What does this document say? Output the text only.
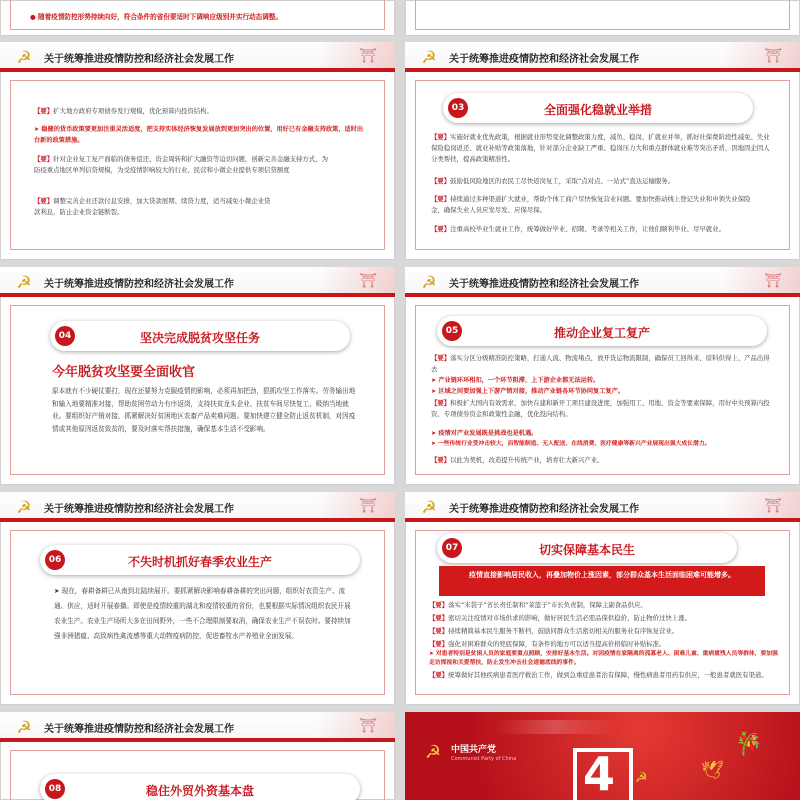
● 随着疫情防控形势持续向好，符合条件的省份要适时下调响应级别并实行动态调整。
☭ 关于统筹推进疫情防控和经济社会发展工作	⛩
【要】扩大地方政府专项债券发行规模，优化预算内投资结构。
➤ 稳健的货币政策要更加注重灵活适度，把支持实体经济恢复发展放到更加突出的位置，用好已有金融支持政策，适时出台新的政策措施。
【要】针对企业复工复产面临的债务偿还、资金周转和扩大融资等迫切问题，创新完善金融支持方式，为防疫重点地区单列信贷规模，为受疫情影响较大的行业、民营和小微企业提供专项信贷额度
【要】调整完善企业还款付息安排，加大贷款展期、续贷力度，适当减免小微企业贷款利息，防止企业资金链断裂。
☭ 关于统筹推进疫情防控和经济社会发展工作	⛩
03	全面强化稳就业举措
【要】实施好就业优先政策，根据就业形势变化调整政策力度，减负、稳岗、扩就业并举，抓好社保费阶段性减免、失业保险稳岗返还、就业补贴等政策落地，针对部分企业缺工严重、稳岗压力大和重点群体就业难等突出矛盾，因地因企因人分类帮扶，提高政策精准性。
【要】鼓励低风险地区的农民工尽快返岗复工，采取“点对点、一站式”直达运输服务。
【要】持续通过多种渠道扩大就业，帮助个体工商户尽快恢复营业问题。要加快推动线上登记失业和申领失业保险金，确保失业人员应发尽发、应保尽保。
【要】注重高校毕业生就业工作，统筹做好毕业、招聘、考录等相关工作，让他们顺利毕业、尽早就业。
☭ 关于统筹推进疫情防控和经济社会发展工作	⛩
04	坚决完成脱贫攻坚任务
今年脱贫攻坚要全面收官
原本就有不少硬仗要打，现在还要努力克服疫情的影响，必须再加把劲，狠抓攻坚工作落实。劳务输出地和输入地要精准对接，帮助贫困劳动力有序返岗，支持扶贫龙头企业、扶贫车间尽快复工，吸纳当地就业。要组织好产销对接，抓紧解决好贫困地区农畜产品卖难问题。要加快建立健全防止返贫机制，对因疫情或其他原因返贫致贫的，要及时落实帮扶措施，确保基本生活不受影响。
☭ 关于统筹推进疫情防控和经济社会发展工作	⛩
05	推动企业复工复产
【要】落实分区分级精准防控策略，打通人流、物流堵点，放开货运物流限制，确保员工回得来、原料供得上、产品出得去
➤ 产业链环环相扣，一个环节阻滞，上下游企业都无法运转。
➤ 区域之间要加强上下游产销对接，推动产业链各环节协同复工复产。
【要】积极扩大国内有效需求，加快在建和新开工项目建设进度，加强用工、用地、资金等要素保障，用好中央预算内投资、专项债券资金和政策性金融，优化投向结构。
➤ 疫情对产业发展既是挑战也是机遇。
➤ 一些传统行业受冲击较大，而智能制造、无人配送、在线消费、医疗健康等新兴产业展现出强大成长潜力。
【要】以此为契机，改造提升传统产业，培育壮大新兴产业。
☭ 关于统筹推进疫情防控和经济社会发展工作	⛩
06	不失时机抓好春季农业生产
➤ 现在，春耕备耕已从南到北陆续展开。要抓紧解决影响春耕备耕的突出问题，组织好农资生产、流通、供应，适时开展春播。即使是疫情较重的湖北和疫情较重的省份，也要根据实际情况组织农民开展农业生产。农业生产场所大多在田间野外，一些不合理限制要取消，确保农业生产不误农时。要持续加强非洲猪瘟、高致病性禽流感等重大动物疫病防控，促进畜牧水产养殖业全面发展。
☭ 关于统筹推进疫情防控和经济社会发展工作	⛩
07	切实保障基本民生
疫情直接影响居民收入，再叠加物价上涨因素，部分群众基本生活面临困难可能增多。
【要】落实“米袋子”省长责任制和“菜篮子”市长负责制，保障主副食品供应。
【要】密切关注疫情对市场供求的影响，做好居民生活必需品保供稳价，防止物价过快上涨。
【要】持续精简基本民生服务不断档，鼓励同群众生活密切相关的服务业有序恢复营业。
【要】强化对困难群众的兜底保障，有条件的地方可以适当提高价格临时补贴标准。
➤ 对患者特别是贫困人员的家庭要重点照顾，安排好基本生活。对因疫情在家隔离的孤寡老人、困难儿童、重病重残人员等群体，要加强走访探视和关爱帮扶，防止发生冲击社会道德底线的事件。
【要】统筹做好其他疾病患者医疗救治工作，做到急重症患者治有保障，慢性病患者用药有供应，一般患者就医有渠道。
☭ 关于统筹推进疫情防控和经济社会发展工作	⛩
08	稳住外贸外资基本盘
☭ 中国共产党
Communist Party of China 4 ☭	🕊
🎋
